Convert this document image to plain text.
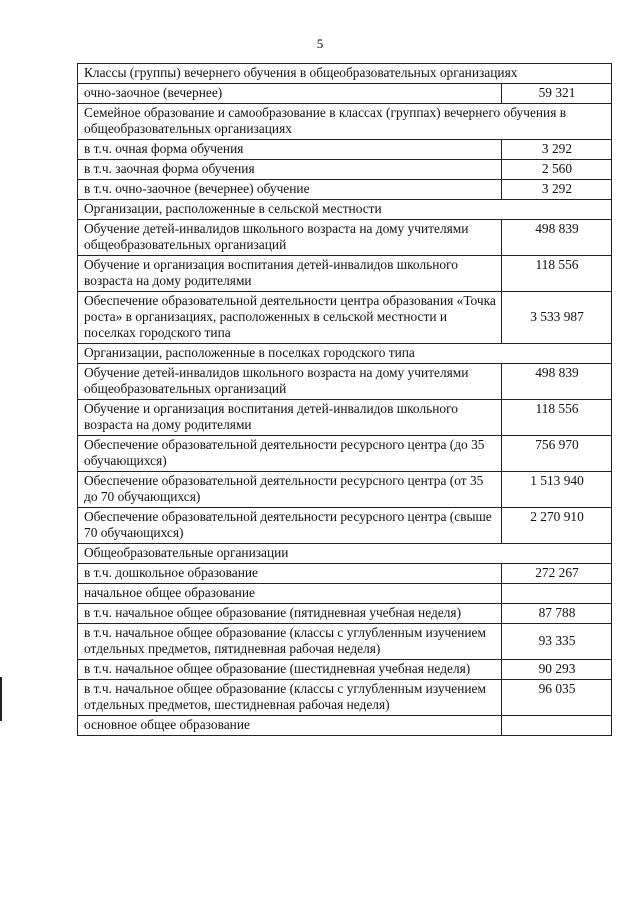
5
Классы (группы) вечернего обучения в общеобразовательных организациях	
очно-заочное (вечернее)	59 321
Семейное образование и самообразование в классах (группах) вечернего обучения в общеобразовательных организациях	
в т.ч. очная форма обучения	3 292
в т.ч. заочная форма обучения	2 560
в т.ч. очно-заочное (вечернее) обучение	3 292
Организации, расположенные в сельской местности	
Обучение детей-инвалидов школьного возраста на дому учителями общеобразовательных организаций	498 839
Обучение и организация воспитания детей-инвалидов школьного возраста на дому родителями	118 556
Обеспечение образовательной деятельности центра образования «Точка роста» в организациях, расположенных в сельской местности и поселках городского типа	3 533 987
Организации, расположенные в поселках городского типа	
Обучение детей-инвалидов школьного возраста на дому учителями общеобразовательных организаций	498 839
Обучение и организация воспитания детей-инвалидов школьного возраста на дому родителями	118 556
Обеспечение образовательной деятельности ресурсного центра (до 35 обучающихся)	756 970
Обеспечение образовательной деятельности ресурсного центра (от 35 до 70 обучающихся)	1 513 940
Обеспечение образовательной деятельности ресурсного центра (свыше 70 обучающихся)	2 270 910
Общеобразовательные организации	
в т.ч. дошкольное образование	272 267
начальное общее образование	
в т.ч. начальное общее образование (пятидневная учебная неделя)	87 788
в т.ч. начальное общее образование (классы с углубленным изучением отдельных предметов, пятидневная рабочая неделя)	93 335
в т.ч. начальное общее образование (шестидневная учебная неделя)	90 293
в т.ч. начальное общее образование (классы с углубленным изучением отдельных предметов, шестидневная рабочая неделя)	96 035
основное общее образование	
